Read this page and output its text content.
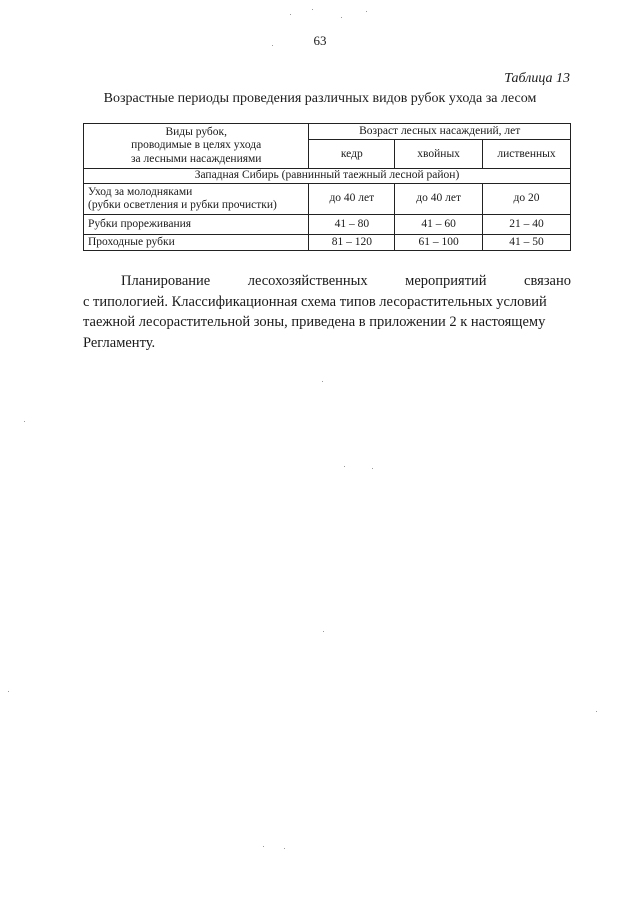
63
Таблица 13
Возрастные периоды проведения различных видов рубок ухода за лесом
Виды рубок,
проводимые в целях ухода
за лесными насаждениями	Возраст лесных насаждений, лет		
	кедр	хвойных	лиственных
Западная Сибирь (равнинный таежный лесной район)			

Уход за молодняками
(рубки осветления и рубки прочистки)	до 40 лет	до 40 лет	до 20
Рубки прореживания	41 – 80	41 – 60	21 – 40
Проходные рубки	81 – 120	61 – 100	41 – 50
Планирование лесохозяйственных мероприятий связано
с типологией. Классификационная схема типов лесорастительных условий
таежной лесорастительной зоны, приведена в приложении 2 к настоящему
Регламенту.
